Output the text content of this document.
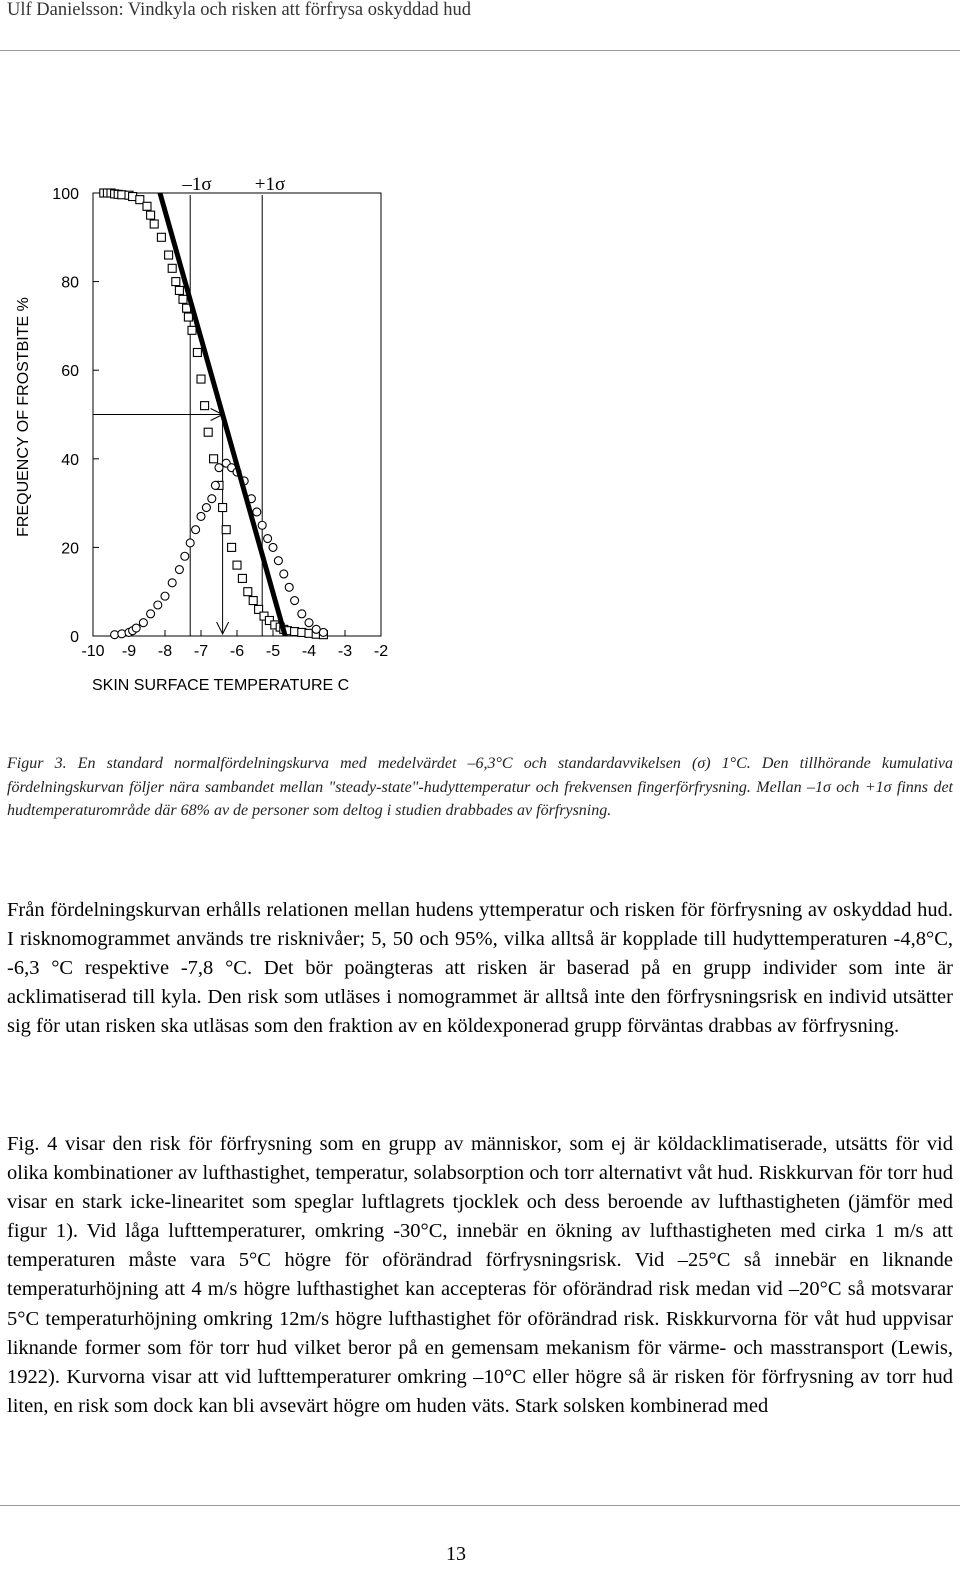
Ulf Danielsson: Vindkyla och risken att förfrysa oskyddad hud
0
20
40
60
80
100
-10 -9 -8 -7 -6 -5 -4 -3 -2
FREQUENCY OF FROSTBITE %
SKIN SURFACE TEMPERATURE C
–1σ +1σ
Figur 3. En standard normalfördelningskurva med medelvärdet –6,3°C och standardavvikelsen (σ) 1°C. Den tillhörande kumulativa fördelningskurvan följer nära sambandet mellan "steady-state"-hudyttemperatur och frekvensen fingerförfrysning. Mellan –1σ och +1σ finns det hudtemperaturområde där 68% av de personer som deltog i studien drabbades av förfrysning.
Från fördelningskurvan erhålls relationen mellan hudens yttemperatur och risken för förfrysning av oskyddad hud. I risknomogrammet används tre risknivåer; 5, 50 och 95%, vilka alltså är kopplade till hudyttemperaturen -4,8°C, -6,3 °C respektive -7,8 °C. Det bör poängteras att risken är baserad på en grupp individer som inte är acklimatiserad till kyla. Den risk som utläses i nomogrammet är alltså inte den förfrysningsrisk en individ utsätter sig för utan risken ska utläsas som den fraktion av en köldexponerad grupp förväntas drabbas av förfrysning.
Fig. 4 visar den risk för förfrysning som en grupp av människor, som ej är köldacklimatiserade, utsätts för vid olika kombinationer av lufthastighet, temperatur, solabsorption och torr alternativt våt hud. Riskkurvan för torr hud visar en stark icke-linearitet som speglar luftlagrets tjocklek och dess beroende av lufthastigheten (jämför med figur 1). Vid låga lufttemperaturer, omkring -30°C, innebär en ökning av lufthastigheten med cirka 1 m/s att temperaturen måste vara 5°C högre för oförändrad förfrysningsrisk. Vid –25°C så innebär en liknande temperaturhöjning att 4 m/s högre lufthastighet kan accepteras för oförändrad risk medan vid –20°C så motsvarar 5°C temperaturhöjning omkring 12m/s högre lufthastighet för oförändrad risk. Riskkurvorna för våt hud uppvisar liknande former som för torr hud vilket beror på en gemensam mekanism för värme- och masstransport (Lewis, 1922). Kurvorna visar att vid lufttemperaturer omkring –10°C eller högre så är risken för förfrysning av torr hud liten, en risk som dock kan bli avsevärt högre om huden väts. Stark solsken kombinerad med
13
